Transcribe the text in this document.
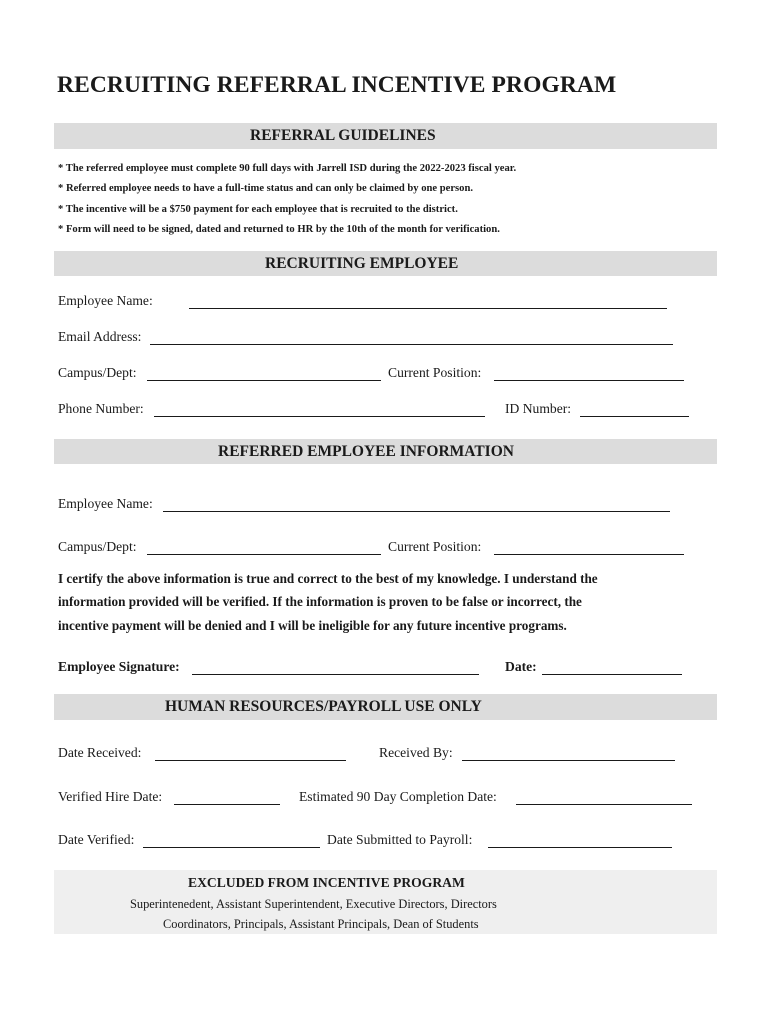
RECRUITING REFERRAL INCENTIVE PROGRAM
REFERRAL GUIDELINES
* The referred employee must complete 90 full days with Jarrell ISD during the 2022-2023 fiscal year.
* Referred employee needs to have a full-time status and can only be claimed by one person.
* The incentive will be a $750 payment for each employee that is recruited to the district.
* Form will need to be signed, dated and returned to HR by the 10th of the month for verification.
RECRUITING EMPLOYEE
Employee Name:
Email Address:
Campus/Dept:	Current Position:
Phone Number:	ID Number:
REFERRED EMPLOYEE INFORMATION
Employee Name:
Campus/Dept:	Current Position:
I certify the above information is true and correct to the best of my knowledge. I understand the
information provided will be verified. If the information is proven to be false or incorrect, the
incentive payment will be denied and I will be ineligible for any future incentive programs.
Employee Signature:	Date:
HUMAN RESOURCES/PAYROLL USE ONLY
Date Received:	Received By:
Verified Hire Date:	Estimated 90 Day Completion Date:
Date Verified:	Date Submitted to Payroll:
EXCLUDED FROM INCENTIVE PROGRAM
Superintenedent, Assistant Superintendent, Executive Directors, Directors
Coordinators, Principals, Assistant Principals, Dean of Students
